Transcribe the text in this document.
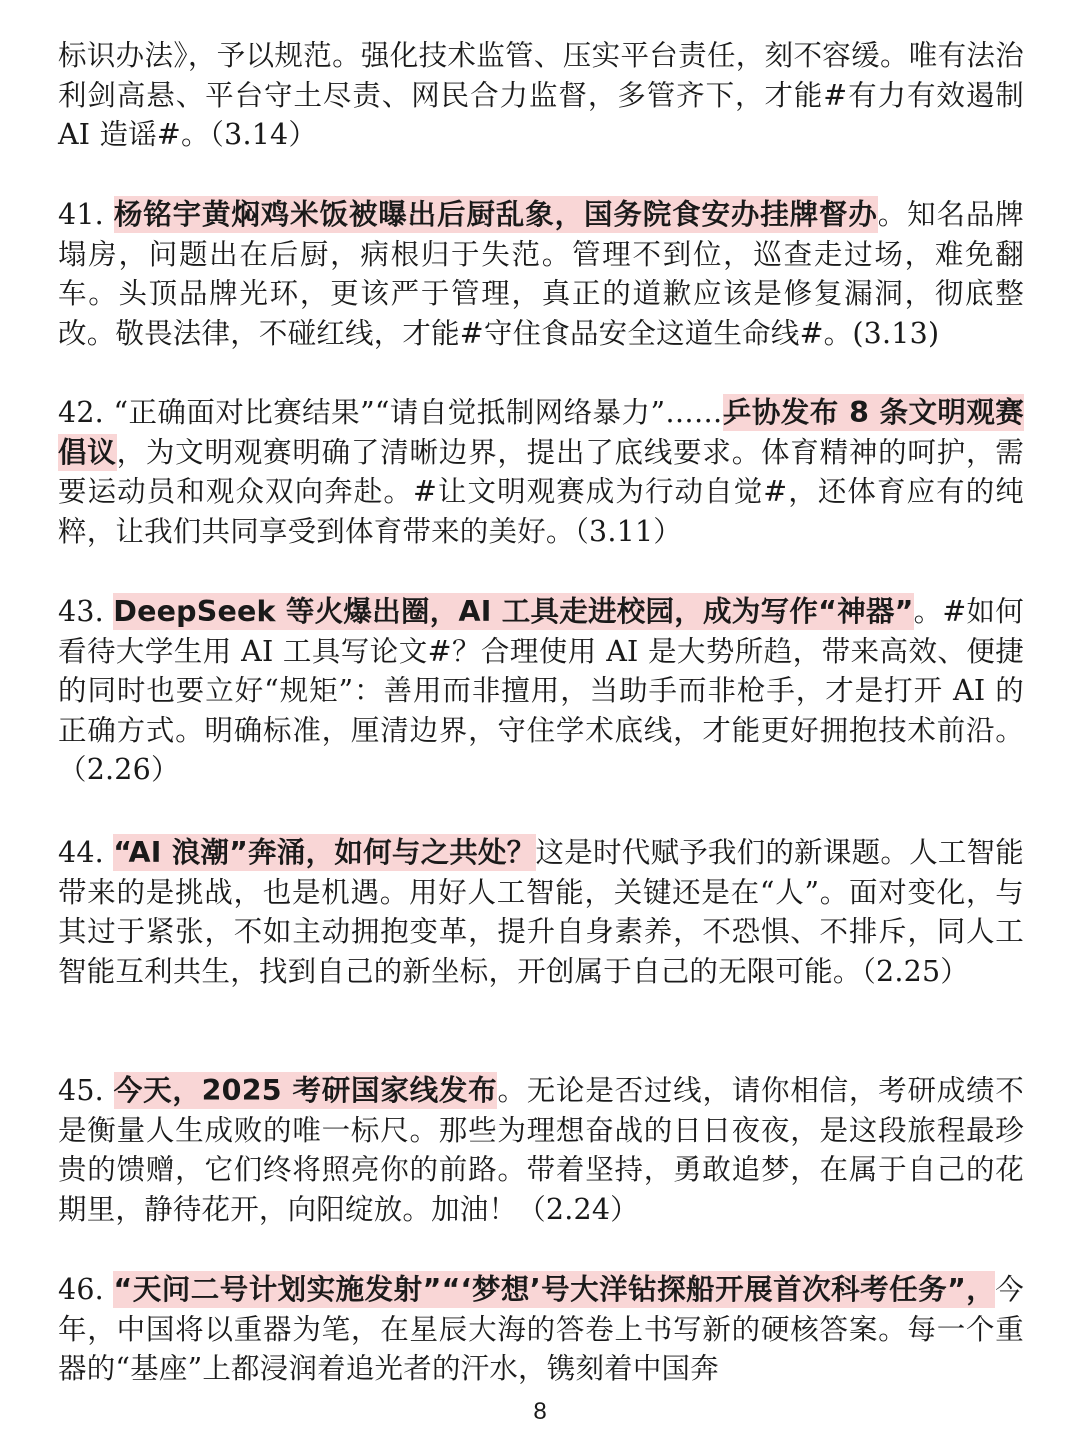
标识办法》，予以规范。强化技术监管、压实平台责任，刻不容缓。唯有法治利剑高悬、平台守土尽责、网民合力监督，多管齐下，才能#有力有效遏制 AI 造谣#。（3.14）
41. 杨铭宇黄焖鸡米饭被曝出后厨乱象，国务院食安办挂牌督办。知名品牌塌房，问题出在后厨，病根归于失范。管理不到位，巡查走过场，难免翻车。头顶品牌光环，更该严于管理，真正的道歉应该是修复漏洞，彻底整改。敬畏法律，不碰红线，才能#守住食品安全这道生命线#。(3.13)
42. “正确面对比赛结果”“请自觉抵制网络暴力”……乒协发布 8 条文明观赛倡议，为文明观赛明确了清晰边界，提出了底线要求。体育精神的呵护，需要运动员和观众双向奔赴。#让文明观赛成为行动自觉#，还体育应有的纯粹，让我们共同享受到体育带来的美好。（3.11）
43. DeepSeek 等火爆出圈，AI 工具走进校园，成为写作“神器”。#如何看待大学生用 AI 工具写论文#？合理使用 AI 是大势所趋，带来高效、便捷的同时也要立好“规矩”：善用而非擅用，当助手而非枪手，才是打开 AI 的正确方式。明确标准，厘清边界，守住学术底线，才能更好拥抱技术前沿。（2.26）
44. “AI 浪潮”奔涌，如何与之共处？这是时代赋予我们的新课题。人工智能带来的是挑战，也是机遇。用好人工智能，关键还是在“人”。面对变化，与其过于紧张，不如主动拥抱变革，提升自身素养，不恐惧、不排斥，同人工智能互利共生，找到自己的新坐标，开创属于自己的无限可能。（2.25）
45. 今天，2025 考研国家线发布。无论是否过线，请你相信，考研成绩不是衡量人生成败的唯一标尺。那些为理想奋战的日日夜夜，是这段旅程最珍贵的馈赠，它们终将照亮你的前路。带着坚持，勇敢追梦，在属于自己的花期里，静待花开，向阳绽放。加油！（2.24）
46. “天问二号计划实施发射”“‘梦想’号大洋钻探船开展首次科考任务”，今年，中国将以重器为笔，在星辰大海的答卷上书写新的硬核答案。每一个重器的“基座”上都浸润着追光者的汗水，镌刻着中国奔
8
